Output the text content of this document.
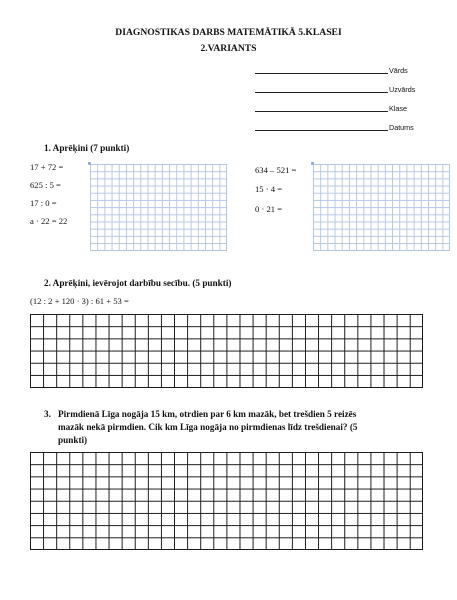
DIAGNOSTIKAS DARBS MATEMĀTIKĀ 5.KLASEI
2.VARIANTS
Vārds
Uzvārds
Klase
Datums
1. Aprēķini (7 punkti)
17 + 72 =
625 : 5 =
17 : 0 =
a · 22 = 22
634 – 521 =
15 · 4 =
0 · 21 =
2. Aprēķini, ievērojot darbību secību. (5 punkti)
(12 : 2 + 120 · 3) : 61 + 53 =
3. Pirmdienā Līga nogāja 15 km, otrdien par 6 km mazāk, bet trešdien 5 reizēs
mazāk nekā pirmdien. Cik km Līga nogāja no pirmdienas līdz trešdienai? (5
punkti)
